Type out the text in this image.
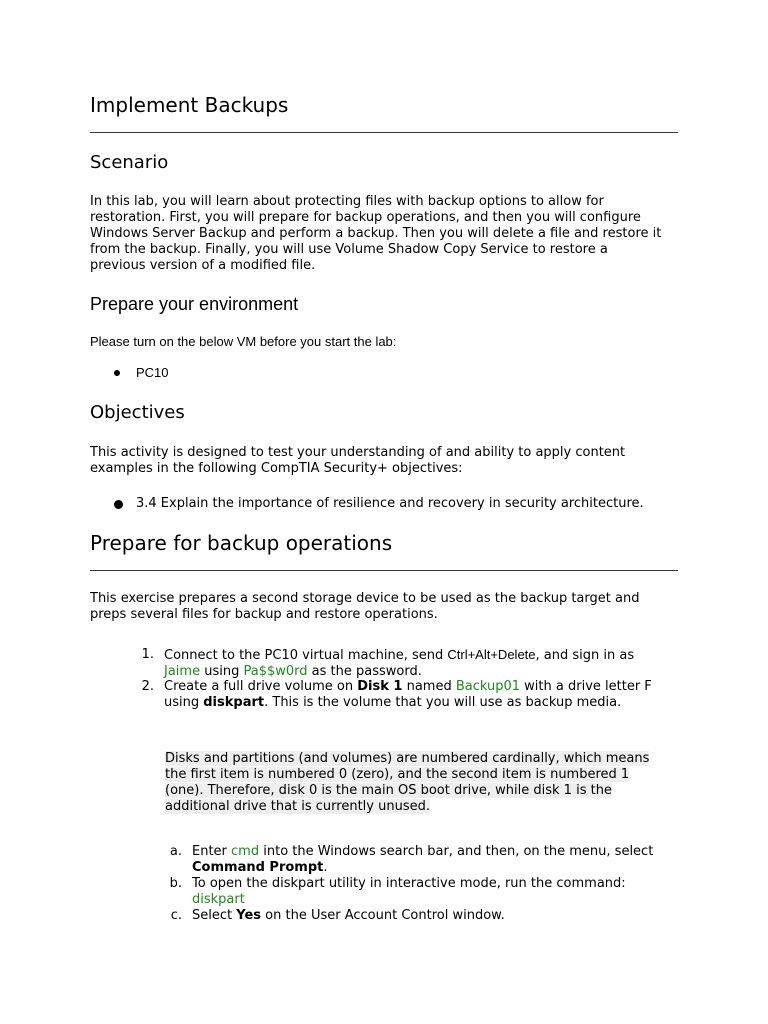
Implement Backups
Scenario
In this lab, you will learn about protecting files with backup options to allow for
restoration. First, you will prepare for backup operations, and then you will configure
Windows Server Backup and perform a backup. Then you will delete a file and restore it
from the backup. Finally, you will use Volume Shadow Copy Service to restore a
previous version of a modified file.
Prepare your environment

Please turn on the below VM before you start the lab:

PC10
Objectives
This activity is designed to test your understanding of and ability to apply content
examples in the following CompTIA Security+ objectives:
3.4 Explain the importance of resilience and recovery in security architecture.
Prepare for backup operations
This exercise prepares a second storage device to be used as the backup target and
preps several files for backup and restore operations.
1. Connect to the PC10 virtual machine, send Ctrl+Alt+Delete, and sign in as
Jaime using Pa$$w0rd as the password.
2. Create a full drive volume on Disk 1 named Backup01 with a drive letter F
using diskpart. This is the volume that you will use as backup media.
Disks and partitions (and volumes) are numbered cardinally, which means
the first item is numbered 0 (zero), and the second item is numbered 1
(one). Therefore, disk 0 is the main OS boot drive, while disk 1 is the
additional drive that is currently unused.
a. Enter cmd into the Windows search bar, and then, on the menu, select
Command Prompt.
b. To open the diskpart utility in interactive mode, run the command:
diskpart
c. Select Yes on the User Account Control window.
